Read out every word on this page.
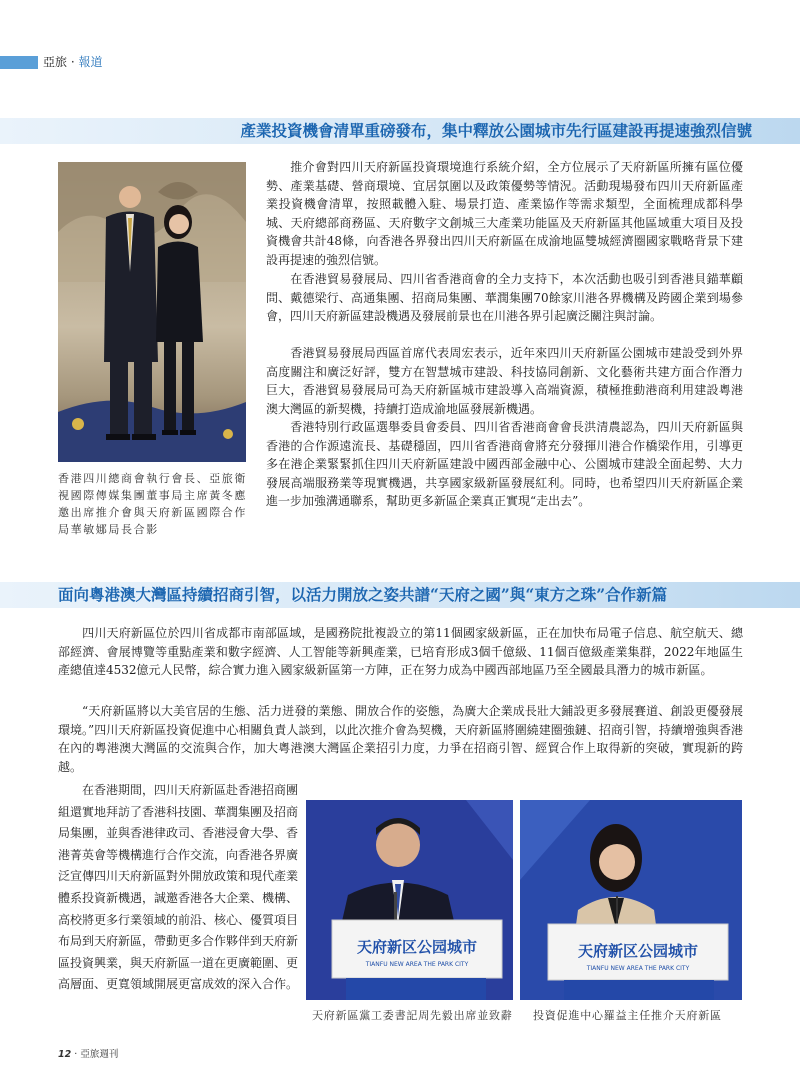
亞旅 · 報道
產業投資機會清單重磅發布，集中釋放公園城市先行區建設再提速強烈信號
香港四川總商會執行會長、亞旅衛視國際傳媒集團董事局主席黃冬應邀出席推介會與天府新區國際合作局華敏娜局長合影

推介會對四川天府新區投資環境進行系統介紹，全方位展示了天府新區所擁有區位優勢、產業基礎、營商環境、宜居氛圍以及政策優勢等情況。活動現場發布四川天府新區產業投資機會清單，按照載體入駐、場景打造、產業協作等需求類型，全面梳理成都科學城、天府總部商務區、天府數字文創城三大產業功能區及天府新區其他區域重大項目及投資機會共計48條，向香港各界發出四川天府新區在成渝地區雙城經濟圈國家戰略背景下建設再提速的強烈信號。

在香港貿易發展局、四川省香港商會的全力支持下，本次活動也吸引到香港貝錨華顧問、戴德梁行、高通集團、招商局集團、華潤集團70餘家川港各界機構及跨國企業到場參會，四川天府新區建設機遇及發展前景也在川港各界引起廣泛關注與討論。

香港貿易發展局西區首席代表周宏表示，近年來四川天府新區公園城市建設受到外界高度關注和廣泛好評，雙方在智慧城市建設、科技協同創新、文化藝術共建方面合作潛力巨大，香港貿易發展局可為天府新區城市建設導入高端資源，積極推動港商利用建設粵港澳大灣區的新契機，持續打造成渝地區發展新機遇。

香港特別行政區選舉委員會委員、四川省香港商會會長洪清農認為，四川天府新區與香港的合作源遠流長、基礎穩固，四川省香港商會將充分發揮川港合作橋梁作用，引導更多在港企業緊緊抓住四川天府新區建設中國西部金融中心、公園城市建設全面起勢、大力發展高端服務業等現實機遇，共享國家級新區發展紅利。同時，也希望四川天府新區企業進一步加強溝通聯系，幫助更多新區企業真正實現“走出去”。

面向粵港澳大灣區持續招商引智，以活力開放之姿共譜“天府之國”與“東方之珠”合作新篇

四川天府新區位於四川省成都市南部區域，是國務院批複設立的第11個國家級新區，正在加快布局電子信息、航空航天、總部經濟、會展博覽等重點產業和數字經濟、人工智能等新興產業，已培育形成3個千億級、11個百億級產業集群，2022年地區生產總值達4532億元人民幣，綜合實力進入國家級新區第一方陣，正在努力成為中國西部地區乃至全國最具潛力的城市新區。

“天府新區將以大美官居的生態、活力迸發的業態、開放合作的姿態，為廣大企業成長壯大鋪設更多發展賽道、創設更優發展環境。”四川天府新區投資促進中心相關負責人談到，以此次推介會為契機，天府新區將圍繞建圈強鏈、招商引智，持續增強與香港在內的粵港澳大灣區的交流與合作，加大粵港澳大灣區企業招引力度，力爭在招商引智、經貿合作上取得新的突破，實現新的跨越。

在香港期間，四川天府新區赴香港招商團組還實地拜訪了香港科技園、華潤集團及招商局集團，並與香港律政司、香港浸會大學、香港菁英會等機構進行合作交流，向香港各界廣泛宣傳四川天府新區對外開放政策和現代產業體系投資新機遇，誠邀香港各大企業、機構、高校將更多行業領域的前沿、核心、優質項目布局到天府新區，帶動更多合作夥伴到天府新區投資興業，與天府新區一道在更廣範圍、更高層面、更寬領域開展更富成效的深入合作。

天府新区公园城市
TIANFU NEW AREA THE PARK CITY
天府新区公园城市
TIANFU NEW AREA THE PARK CITY
天府新區黨工委書記周先毅出席並致辭	投資促進中心羅益主任推介天府新區
12 · 亞旅週刊
